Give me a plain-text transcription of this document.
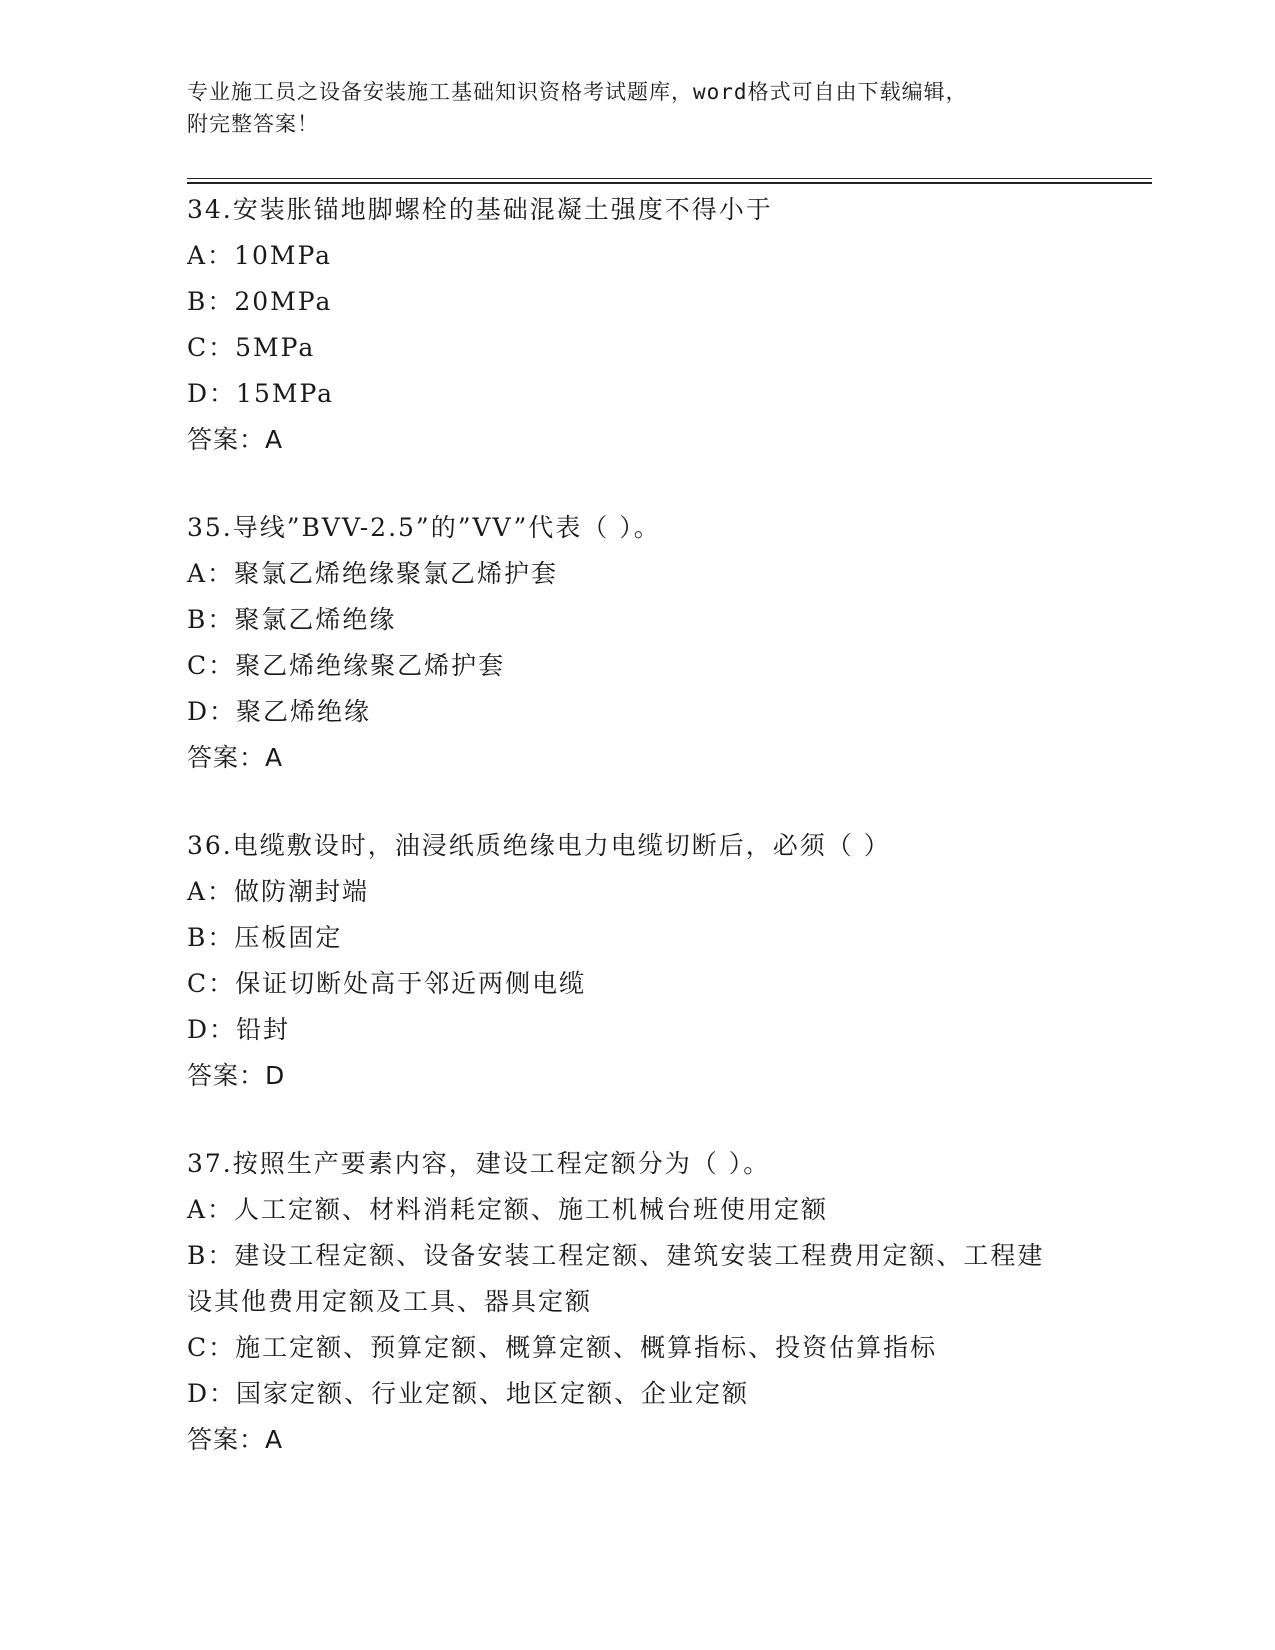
专业施工员之设备安装施工基础知识资格考试题库，word格式可自由下载编辑，
附完整答案！
34.安装胀锚地脚螺栓的基础混凝土强度不得小于
A：10MPa
B：20MPa
C：5MPa
D：15MPa
答案：A
35.导线”BVV-2.5”的”VV”代表（ ）。
A：聚氯乙烯绝缘聚氯乙烯护套
B：聚氯乙烯绝缘
C：聚乙烯绝缘聚乙烯护套
D：聚乙烯绝缘
答案：A
36.电缆敷设时，油浸纸质绝缘电力电缆切断后，必须（ ）
A：做防潮封端
B：压板固定
C：保证切断处高于邻近两侧电缆
D：铅封
答案：D
37.按照生产要素内容，建设工程定额分为（ ）。
A：人工定额、材料消耗定额、施工机械台班使用定额
B：建设工程定额、设备安装工程定额、建筑安装工程费用定额、工程建设其他费用定额及工具、器具定额
C：施工定额、预算定额、概算定额、概算指标、投资估算指标
D：国家定额、行业定额、地区定额、企业定额
答案：A
